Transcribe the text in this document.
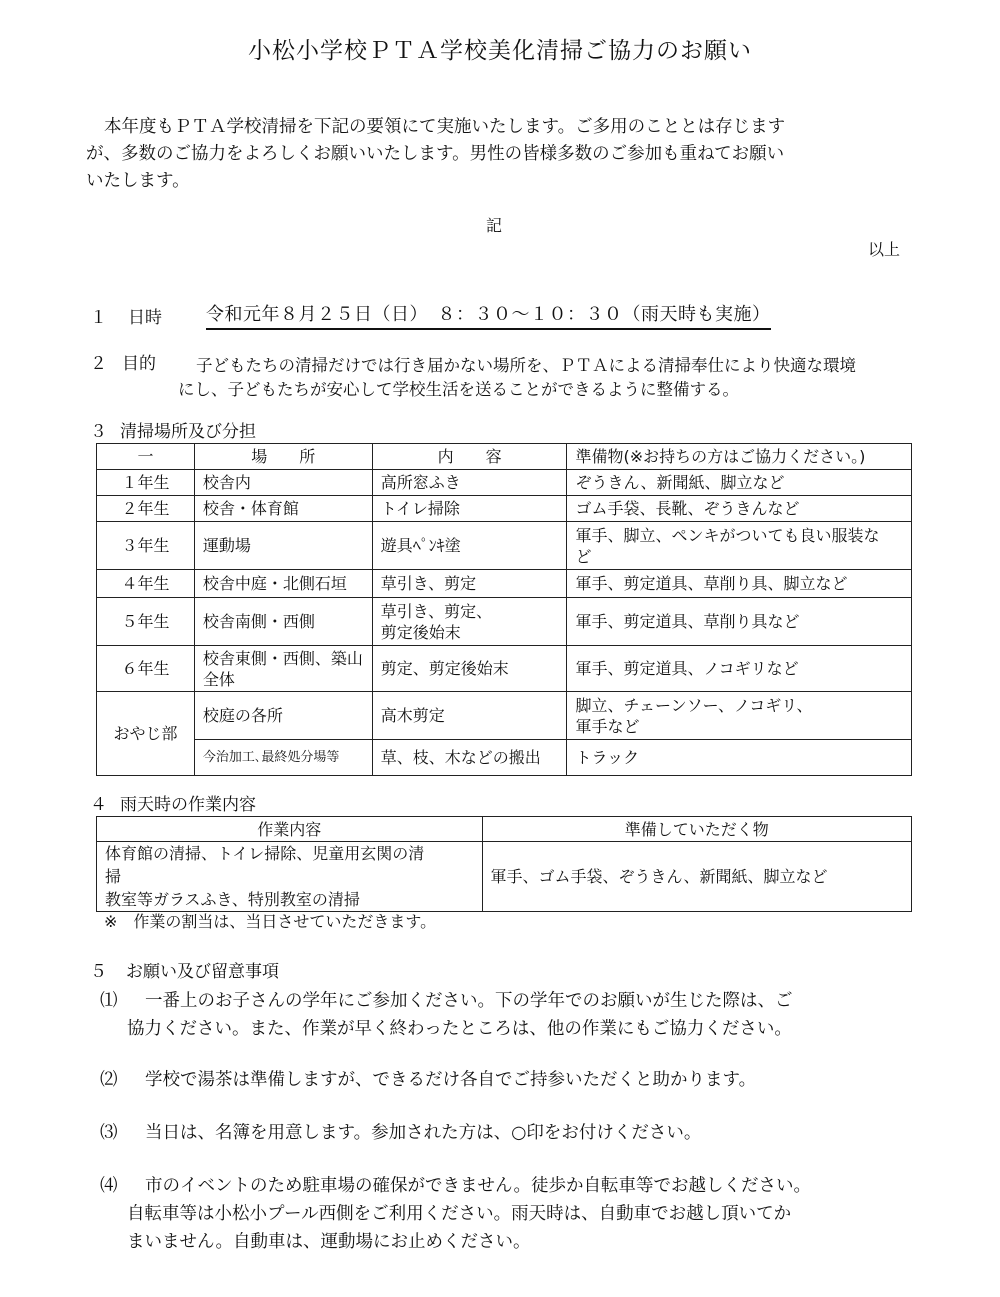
小松小学校ＰＴＡ学校美化清掃ご協力のお願い
本年度もＰＴＡ学校清掃を下記の要領にて実施いたします。ご多用のこととは存じます
が、多数のご協力をよろしくお願いいたします。男性の皆様多数のご参加も重ねてお願い
いたします。
記
以上
１ 日時 令和元年８月２５日（日）　８：３０～１０：３０（雨天時も実施）
２ 目的	子どもたちの清掃だけでは行き届かない場所を、ＰＴＡによる清掃奉仕により快適な環境
にし、子どもたちが安心して学校生活を送ることができるように整備する。
３ 清掃場所及び分担
一	場　　所	内　　容	準備物(※お持ちの方はご協力ください。)
１年生	校舎内	高所窓ふき	ぞうきん、新聞紙、脚立など
２年生	校舎・体育館	トイレ掃除	ゴム手袋、長靴、ぞうきんなど
３年生	運動場	遊具ﾍﾟﾝｷ塗	軍手、脚立、ペンキがついても良い服装な
ど

４年生	校舎中庭・北側石垣	草引き、剪定	軍手、剪定道具、草削り具、脚立など
５年生	校舎南側・西側	草引き、剪定、
剪定後始末	軍手、剪定道具、草削り具など
６年生	校舎東側・西側、築山
全体	剪定、剪定後始末	軍手、剪定道具、ノコギリなど
おやじ部	校庭の各所	高木剪定	脚立、チェーンソー、ノコギリ、
軍手など

	今治加工､最終処分場等	草、枝、木などの搬出	トラック
４ 雨天時の作業内容
作業内容	準備していただく物

体育館の清掃、トイレ掃除、児童用玄関の清
掃
教室等ガラスふき、特別教室の清掃	軍手、ゴム手袋、ぞうきん、新聞紙、脚立など
※　作業の割当は、当日させていただきます。
５ お願い及び留意事項
⑴	一番上のお子さんの学年にご参加ください。下の学年でのお願いが生じた際は、ご
協力ください。また、作業が早く終わったところは、他の作業にもご協力ください。
⑵	学校で湯茶は準備しますが、できるだけ各自でご持参いただくと助かります。
⑶	当日は、名簿を用意します。参加された方は、○印をお付けください。
⑷	市のイベントのため駐車場の確保ができません。徒歩か自転車等でお越しください。
自転車等は小松小プール西側をご利用ください。雨天時は、自動車でお越し頂いてか
まいません。自動車は、運動場にお止めください。
